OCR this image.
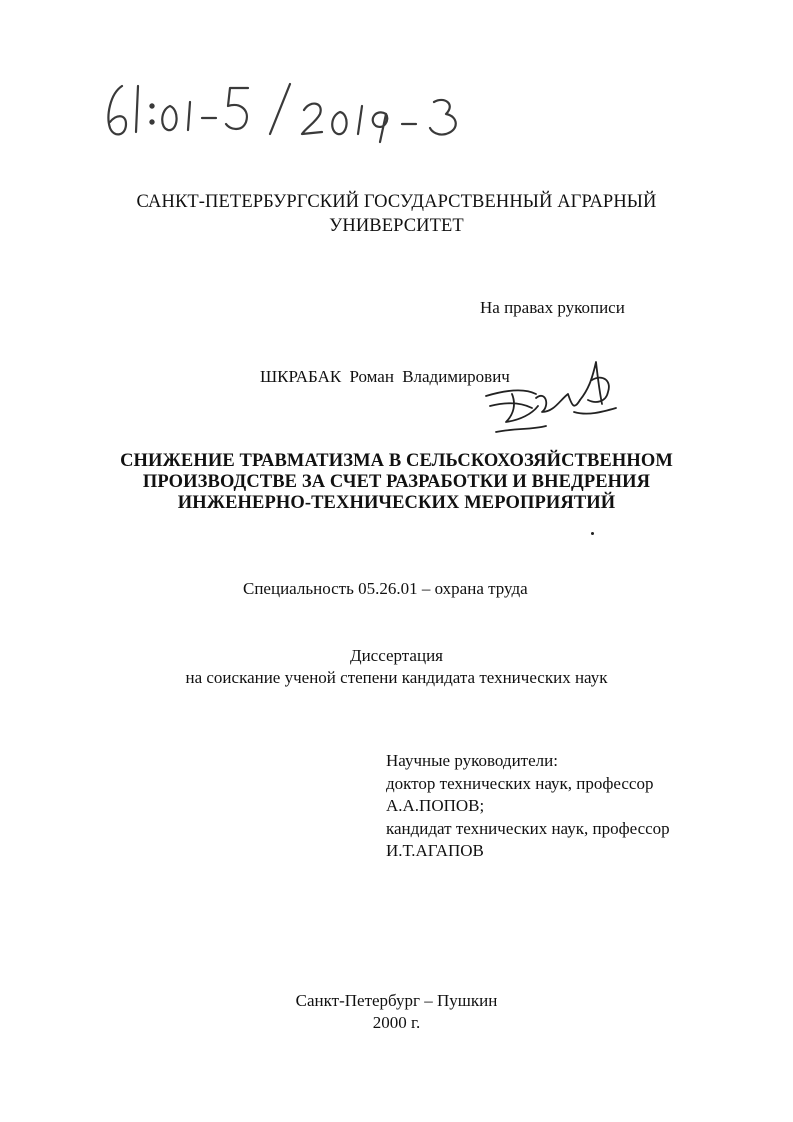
САНКТ-ПЕТЕРБУРГСКИЙ ГОСУДАРСТВЕННЫЙ АГРАРНЫЙ
УНИВЕРСИТЕТ
На правах рукописи
ШКРАБАК Роман Владимирович
СНИЖЕНИЕ ТРАВМАТИЗМА В СЕЛЬСКОХОЗЯЙСТВЕННОМ
ПРОИЗВОДСТВЕ ЗА СЧЕТ РАЗРАБОТКИ И ВНЕДРЕНИЯ
ИНЖЕНЕРНО-ТЕХНИЧЕСКИХ МЕРОПРИЯТИЙ
Специальность 05.26.01 – охрана труда
Диссертация
на соискание ученой степени кандидата технических наук
Научные руководители:
доктор технических наук, профессор
А.А.ПОПОВ;
кандидат технических наук, профессор
И.Т.АГАПОВ
Санкт-Петербург – Пушкин
2000 г.
